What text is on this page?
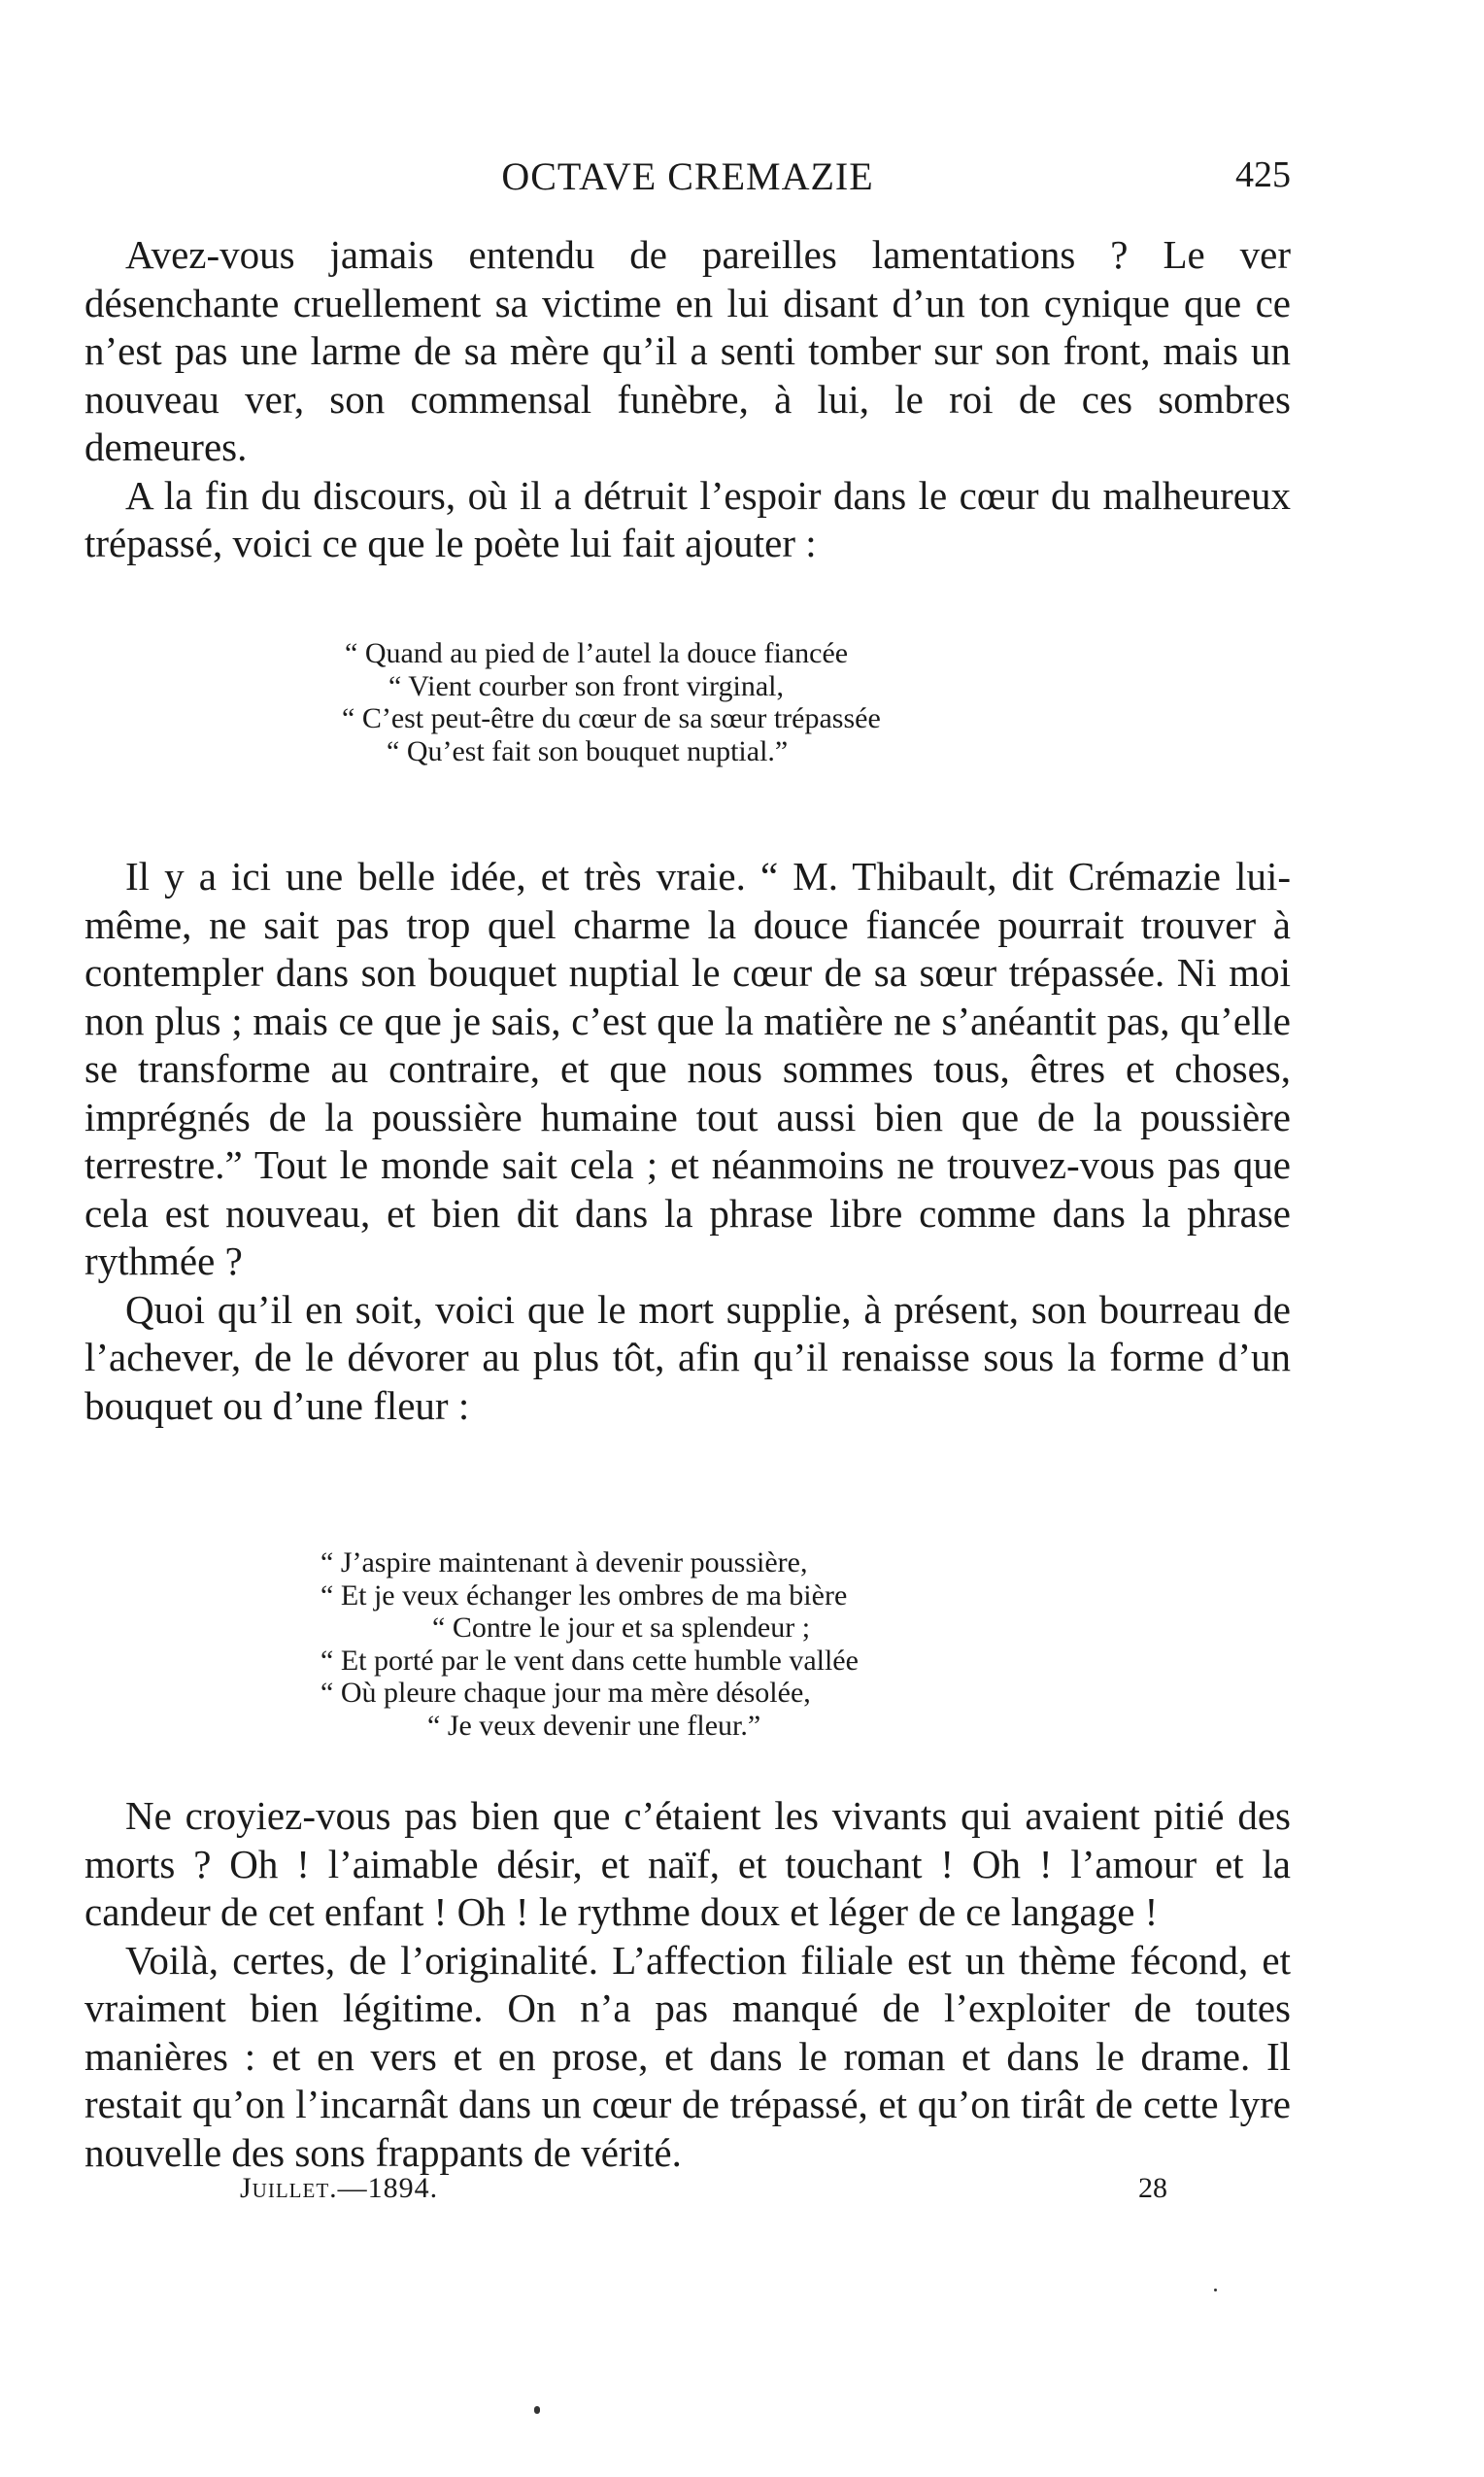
OCTAVE CREMAZIE	425

Avez-vous jamais entendu de pareilles lamentations ? Le ver désenchante cruellement sa victime en lui disant d’un ton cynique que ce n’est pas une larme de sa mère qu’il a senti tomber sur son front, mais un nouveau ver, son commensal funèbre, à lui, le roi de ces sombres demeures.

A la fin du discours, où il a détruit l’espoir dans le cœur du malheureux trépassé, voici ce que le poète lui fait ajouter :

“ Quand au pied de l’autel la douce fiancée
“ Vient courber son front virginal,
“ C’est peut-être du cœur de sa sœur trépassée
“ Qu’est fait son bouquet nuptial.”

Il y a ici une belle idée, et très vraie. “ M. Thibault, dit Crémazie lui-même, ne sait pas trop quel charme la douce fiancée pourrait trouver à contempler dans son bouquet nuptial le cœur de sa sœur trépassée. Ni moi non plus ; mais ce que je sais, c’est que la matière ne s’anéantit pas, qu’elle se transforme au contraire, et que nous sommes tous, êtres et choses, imprégnés de la poussière humaine tout aussi bien que de la poussière terrestre.” Tout le monde sait cela ; et néanmoins ne trouvez-vous pas que cela est nouveau, et bien dit dans la phrase libre comme dans la phrase rythmée ?

Quoi qu’il en soit, voici que le mort supplie, à présent, son bourreau de l’achever, de le dévorer au plus tôt, afin qu’il renaisse sous la forme d’un bouquet ou d’une fleur :

“ J’aspire maintenant à devenir poussière,
“ Et je veux échanger les ombres de ma bière
“ Contre le jour et sa splendeur ;
“ Et porté par le vent dans cette humble vallée
“ Où pleure chaque jour ma mère désolée,
“ Je veux devenir une fleur.”

Ne croyiez-vous pas bien que c’étaient les vivants qui avaient pitié des morts ? Oh ! l’aimable désir, et naïf, et touchant ! Oh ! l’amour et la candeur de cet enfant ! Oh ! le rythme doux et léger de ce langage !

Voilà, certes, de l’originalité. L’affection filiale est un thème fécond, et vraiment bien légitime. On n’a pas manqué de l’exploiter de toutes manières : et en vers et en prose, et dans le roman et dans le drame. Il restait qu’on l’incarnât dans un cœur de trépassé, et qu’on tirât de cette lyre nouvelle des sons frappants de vérité.

Juillet.—1894.	28
